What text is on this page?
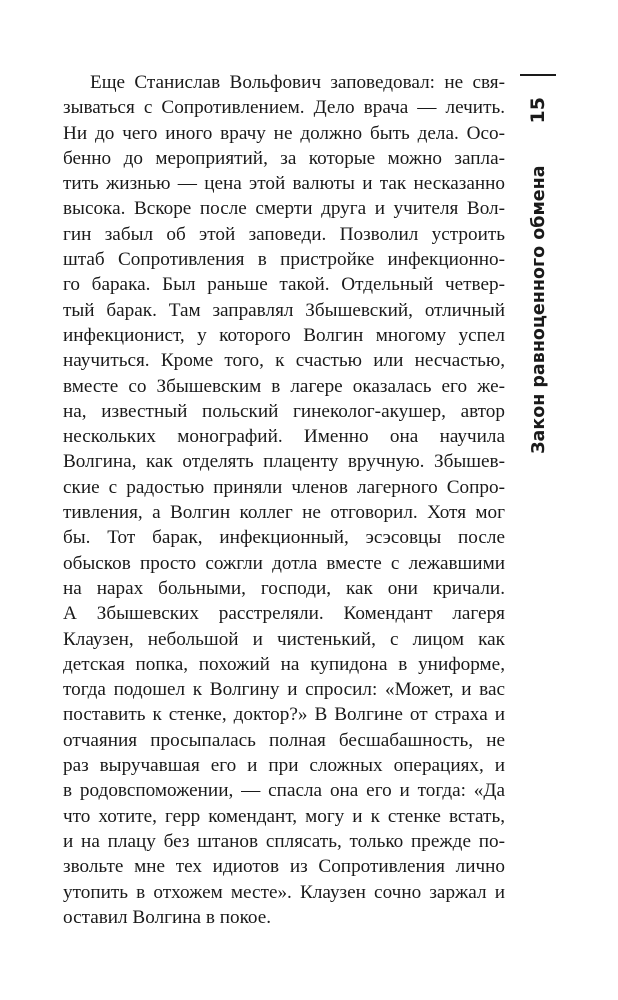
Еще Станислав Вольфович заповедовал: не свя-
зываться с Сопротивлением. Дело врача — лечить.
Ни до чего иного врачу не должно быть дела. Осо-
бенно до мероприятий, за которые можно запла-
тить жизнью — цена этой валюты и так несказанно
высока. Вскоре после смерти друга и учителя Вол-
гин забыл об этой заповеди. Позволил устроить
штаб Сопротивления в пристройке инфекционно-
го барака. Был раньше такой. Отдельный четвер-
тый барак. Там заправлял Збышевский, отличный
инфекционист, у которого Волгин многому успел
научиться. Кроме того, к счастью или несчастью,
вместе со Збышевским в лагере оказалась его же-
на, известный польский гинеколог-акушер, автор
нескольких монографий. Именно она научила
Волгина, как отделять плаценту вручную. Збышев-
ские с радостью приняли членов лагерного Сопро-
тивления, а Волгин коллег не отговорил. Хотя мог
бы. Тот барак, инфекционный, эсэсовцы после
обысков просто сожгли дотла вместе с лежавшими
на нарах больными, господи, как они кричали.
А Збышевских расстреляли. Комендант лагеря
Клаузен, небольшой и чистенький, с лицом как
детская попка, похожий на купидона в униформе,
тогда подошел к Волгину и спросил: «Может, и вас
поставить к стенке, доктор?» В Волгине от страха и
отчаяния просыпалась полная бесшабашность, не
раз выручавшая его и при сложных операциях, и
в родовспоможении, — спасла она его и тогда: «Да
что хотите, герр комендант, могу и к стенке встать,
и на плацу без штанов сплясать, только прежде по-
звольте мне тех идиотов из Сопротивления лично
утопить в отхожем месте». Клаузен сочно заржал и
оставил Волгина в покое.
Закон равноценного обмена15
